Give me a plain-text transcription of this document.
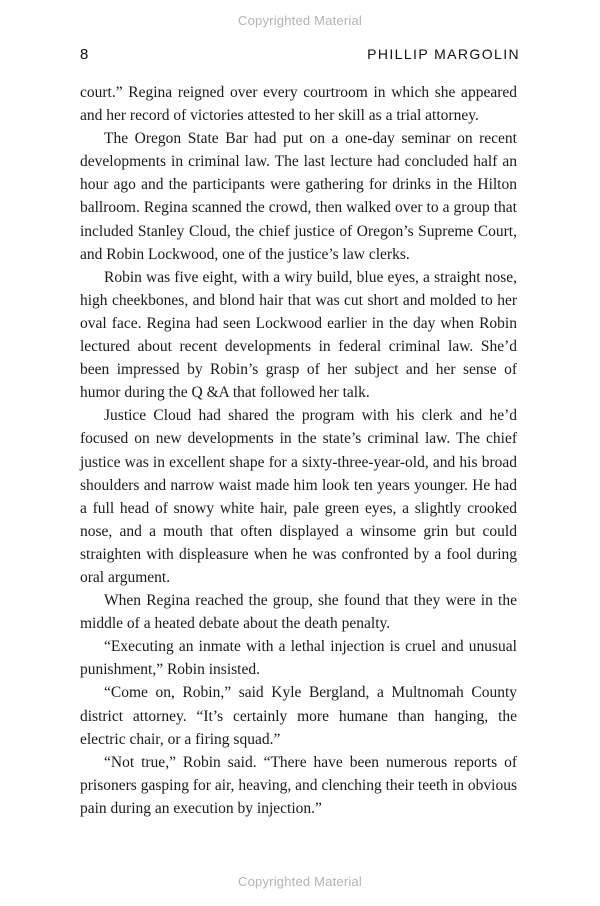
Copyrighted Material
8	PHILLIP MARGOLIN

court.” Regina reigned over every courtroom in which she appeared and her record of victories attested to her skill as a trial attorney.

The Oregon State Bar had put on a one-day seminar on recent developments in criminal law. The last lecture had concluded half an hour ago and the participants were gathering for drinks in the Hilton ballroom. Regina scanned the crowd, then walked over to a group that included Stanley Cloud, the chief justice of Oregon’s Supreme Court, and Robin Lockwood, one of the justice’s law clerks.

Robin was five eight, with a wiry build, blue eyes, a straight nose, high cheekbones, and blond hair that was cut short and molded to her oval face. Regina had seen Lockwood earlier in the day when Robin lectured about recent developments in federal criminal law. She’d been impressed by Robin’s grasp of her subject and her sense of humor during the Q &A that followed her talk.

Justice Cloud had shared the program with his clerk and he’d focused on new developments in the state’s criminal law. The chief justice was in excellent shape for a sixty-three-year-old, and his broad shoulders and narrow waist made him look ten years younger. He had a full head of snowy white hair, pale green eyes, a slightly crooked nose, and a mouth that often displayed a winsome grin but could straighten with displeasure when he was confronted by a fool during oral argument.

When Regina reached the group, she found that they were in the middle of a heated debate about the death penalty.

“Executing an inmate with a lethal injection is cruel and unusual punishment,” Robin insisted.

“Come on, Robin,” said Kyle Bergland, a Multnomah County district attorney. “It’s certainly more humane than hanging, the electric chair, or a firing squad.”

“Not true,” Robin said. “There have been numerous reports of prisoners gasping for air, heaving, and clenching their teeth in obvious pain during an execution by injection.”

Copyrighted Material
